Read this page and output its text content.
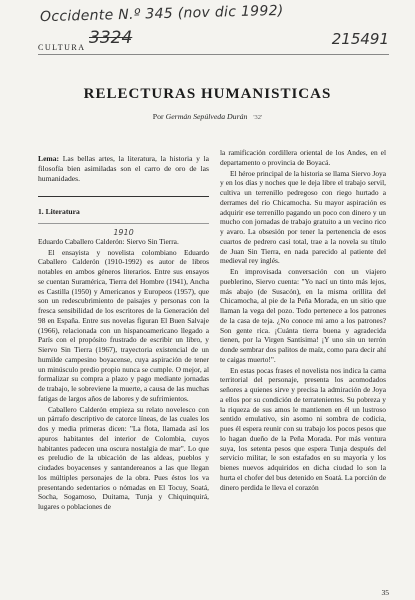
Occidente N.º 345 (nov dic 1992)
3324	215491
CULTURA
RELECTURAS HUMANISTICAS
Por Germán Sepúlveda Durán '32'
Lema: Las bellas artes, la literatura, la historia y la filosofía bien asimiladas son el carro de oro de las humanidades.
1. Literatura
1910

Eduardo Caballero Calderón: Siervo Sin Tierra.

El ensayista y novelista colombiano Eduardo Caballero Calderón (1910-1992) es autor de libros notables en ambos géneros literarios. Entre sus ensayos se cuentan Suramérica, Tierra del Hombre (1941), Ancha es Castilla (1950) y Americanos y Europeos (1957), que son un redescubrimiento de paisajes y personas con la fresca sensibilidad de los escritores de la Generación del 98 en España. Entre sus novelas figuran El Buen Salvaje (1966), relacionada con un hispanoamericano llegado a París con el propósito frustrado de escribir un libro, y Siervo Sin Tierra (1967), trayectoria existencial de un humilde campesino boyacense, cuya aspiración de tener un minúsculo predio propio nunca se cumple. O mejor, al formalizar su compra a plazo y pago mediante jornadas de trabajo, le sobreviene la muerte, a causa de las muchas fatigas de largos años de labores y de sufrimientos.

Caballero Calderón empieza su relato novelesco con un párrafo descriptivo de catorce líneas, de las cuales los dos y media primeras dicen: "La flota, llamada así los apuros habitantes del interior de Colombia, cuyos habitantes padecen una oscura nostalgia de mar". Lo que es preludio de la ubicación de las aldeas, pueblos y ciudades boyacenses y santandereanos a las que llegan los múltiples personajes de la obra. Pues éstos los va presentando sedentarios o nómadas en El Tocuy, Soatá, Socha, Sogamoso, Duitama, Tunja y Chiquinquirá, lugares o poblaciones de

la ramificación cordillera oriental de los Andes, en el departamento o provincia de Boyacá.

El héroe principal de la historia se llama Siervo Joya y en los días y noches que le deja libre el trabajo servil, cultiva un terrenillo pedregoso con riego hurtado a derrames del río Chicamocha. Su mayor aspiración es adquirir ese terrenillo pagando un poco con dinero y un mucho con jornadas de trabajo gratuito a un vecino rico y avaro. La obsesión por tener la pertenencia de esos cuartos de pedrero casi total, trae a la novela su título de Juan Sin Tierra, en nada parecido al patiente del medieval rey inglés.

En improvisada conversación con un viajero pueblerino, Siervo cuenta: "Yo nací un tinto más lejos, más abajo (de Susacón), en la misma orillita del Chicamocha, al pie de la Peña Morada, en un sitio que llaman la vega del pozo. Todo pertenece a los patrones de la casa de teja. ¿No conoce mi amo a los patrones? Son gente rica. ¡Cuánta tierra buena y agradecida tienen, por la Virgen Santísima! ¡Y uno sin un terrón donde sembrar dos palitos de maíz, como para decir ahí te caigas muerto!".

En estas pocas frases el novelista nos indica la cama territorial del personaje, presenta los acomodados señores a quienes sirve y precisa la admiración de Joya a ellos por su condición de terratenientes. Su pobreza y la riqueza de sus amos le mantienen en él un lustroso sentido emulativo, sin asomo ni sombra de codicia, pues él espera reunir con su trabajo los pocos pesos que lo hagan dueño de la Peña Morada. Por más ventura suya, los setenta pesos que espera Tunja después del servicio militar, le son estafados en su mayoría y los bienes nuevos adquiridos en dicha ciudad lo son la hurta el chofer del bus detenido en Soatá. La porción de dinero perdida le lleva el corazón

35
